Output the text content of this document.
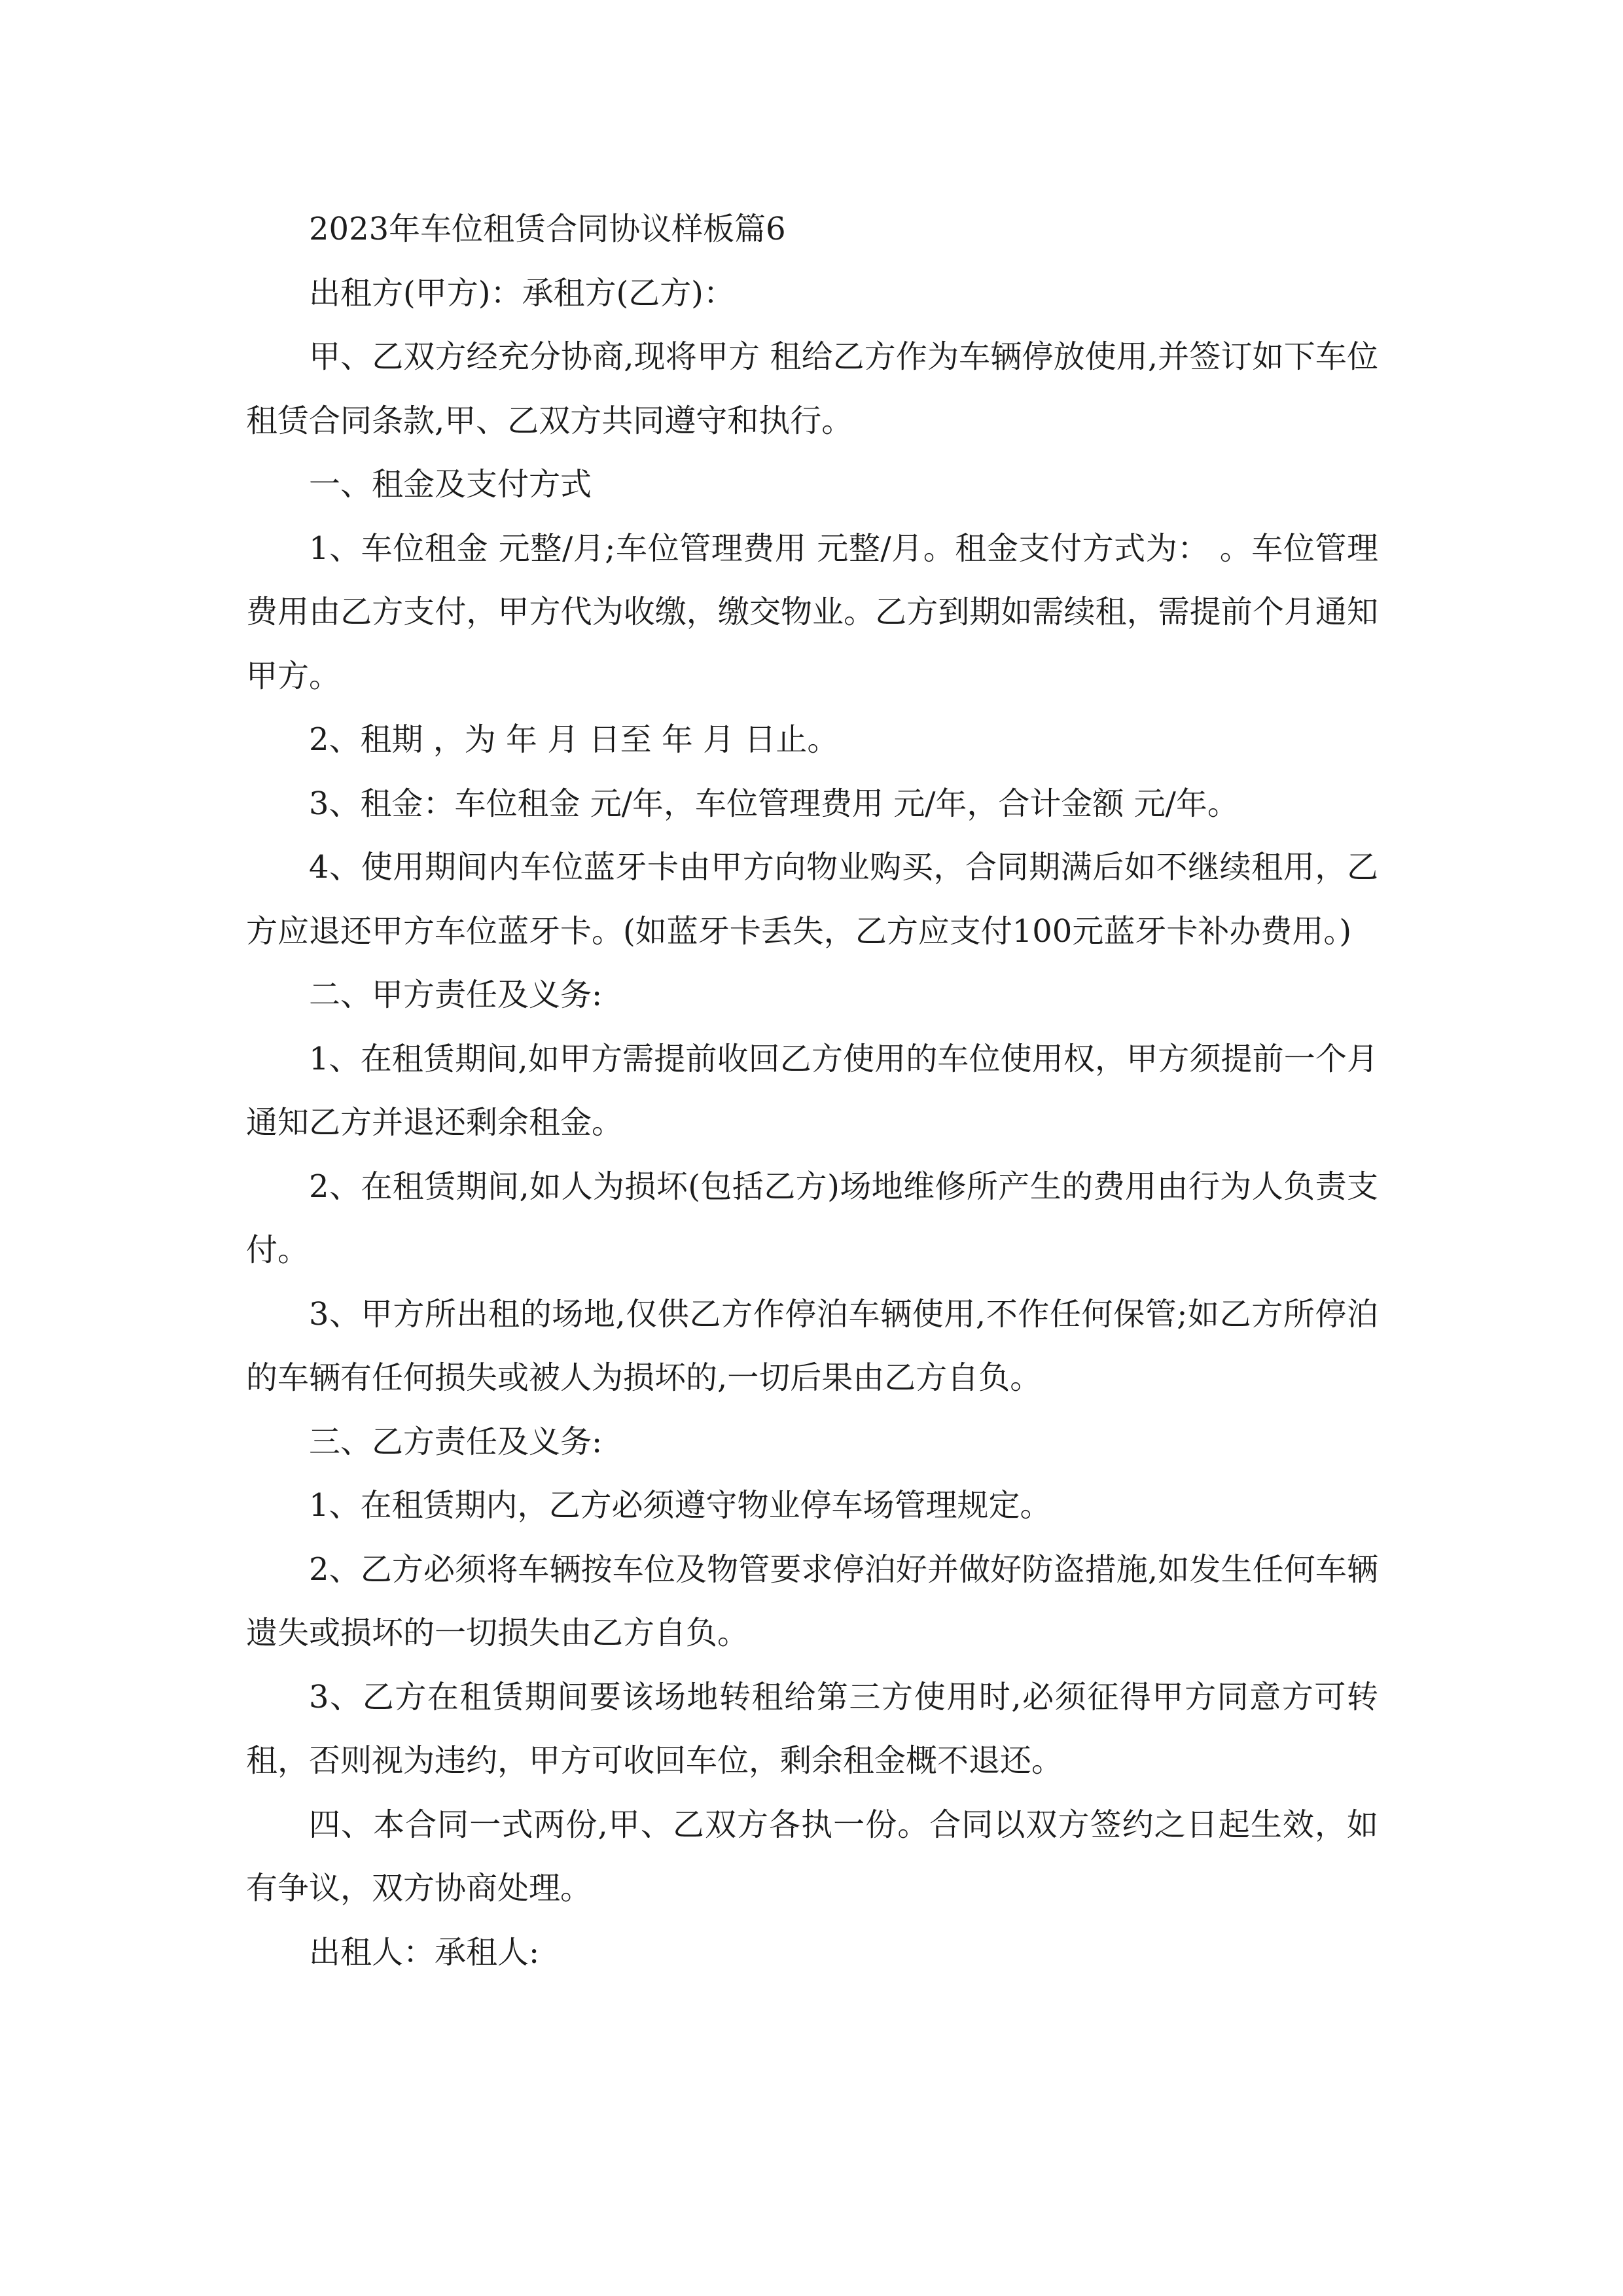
2023年车位租赁合同协议样板篇6

出租方(甲方)：承租方(乙方)：

甲、乙双方经充分协商,现将甲方 租给乙方作为车辆停放使用,并签订如下车位租赁合同条款,甲、乙双方共同遵守和执行。

一、租金及支付方式

1、车位租金 元整/月;车位管理费用 元整/月。租金支付方式为： 。车位管理费用由乙方支付，甲方代为收缴，缴交物业。乙方到期如需续租，需提前个月通知甲方。

2、租期 ，为 年 月 日至 年 月 日止。

3、租金：车位租金 元/年，车位管理费用 元/年，合计金额 元/年。

4、使用期间内车位蓝牙卡由甲方向物业购买，合同期满后如不继续租用，乙方应退还甲方车位蓝牙卡。(如蓝牙卡丢失，乙方应支付100元蓝牙卡补办费用。)

二、甲方责任及义务:

1、在租赁期间,如甲方需提前收回乙方使用的车位使用权，甲方须提前一个月通知乙方并退还剩余租金。

2、在租赁期间,如人为损坏(包括乙方)场地维修所产生的费用由行为人负责支付。

3、甲方所出租的场地,仅供乙方作停泊车辆使用,不作任何保管;如乙方所停泊的车辆有任何损失或被人为损坏的,一切后果由乙方自负。

三、乙方责任及义务:

1、在租赁期内，乙方必须遵守物业停车场管理规定。

2、乙方必须将车辆按车位及物管要求停泊好并做好防盗措施,如发生任何车辆遗失或损坏的一切损失由乙方自负。

3、乙方在租赁期间要该场地转租给第三方使用时,必须征得甲方同意方可转租，否则视为违约，甲方可收回车位，剩余租金概不退还。

四、本合同一式两份,甲、乙双方各执一份。合同以双方签约之日起生效，如有争议，双方协商处理。

出租人：承租人:
